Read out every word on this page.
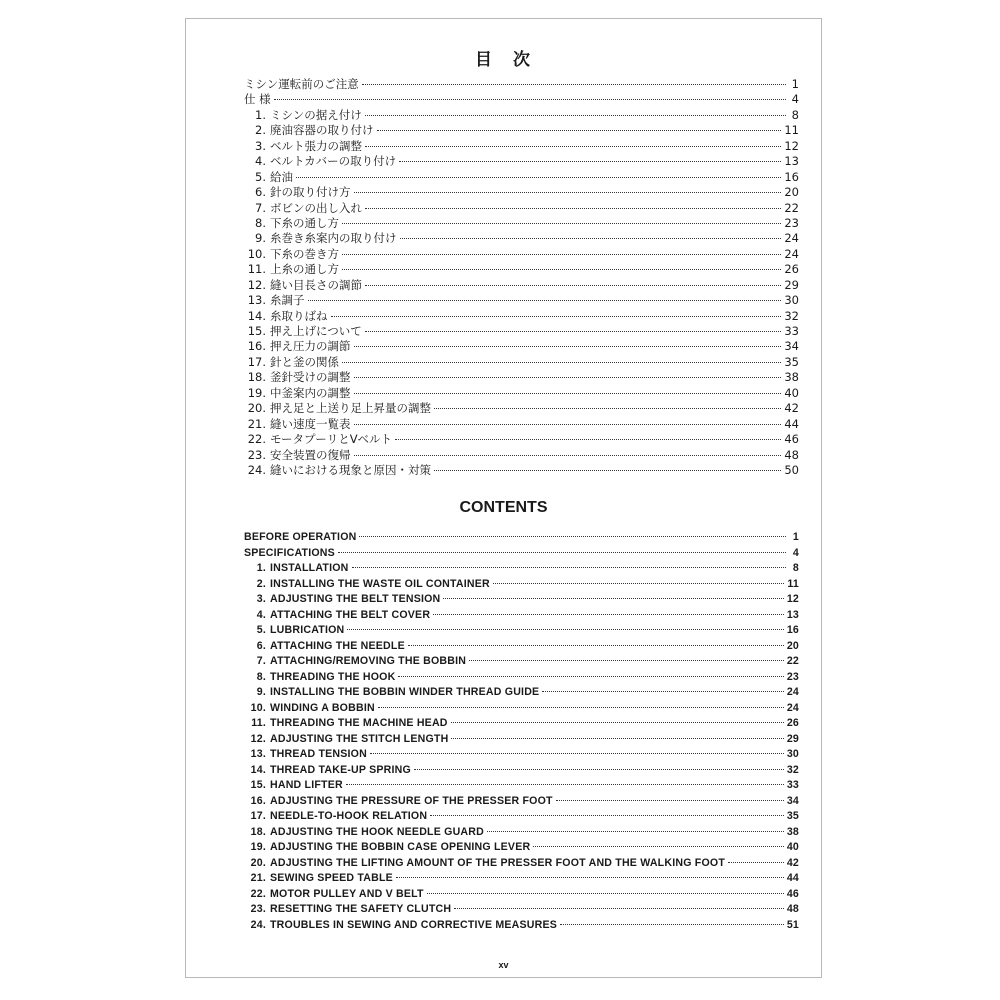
目　次
ミシン運転前のご注意	1
仕 様	4
1. ミシンの据え付け	8
2. 廃油容器の取り付け	11
3. ベルト張力の調整	12
4. ベルトカバーの取り付け	13
5. 給油	16
6. 針の取り付け方	20
7. ボビンの出し入れ	22
8. 下糸の通し方	23
9. 糸巻き糸案内の取り付け	24
10. 下糸の巻き方	24
11. 上糸の通し方	26
12. 縫い目長さの調節	29
13. 糸調子	30
14. 糸取りばね	32
15. 押え上げについて	33
16. 押え圧力の調節	34
17. 針と釜の関係	35
18. 釜針受けの調整	38
19. 中釜案内の調整	40
20. 押え足と上送り足上昇量の調整	42
21. 縫い速度一覧表	44
22. モータプーリとVベルト	46
23. 安全装置の復帰	48
24. 縫いにおける現象と原因・対策	50
CONTENTS
BEFORE OPERATION	1
SPECIFICATIONS	4
1. INSTALLATION	8
2. INSTALLING THE WASTE OIL CONTAINER	11
3. ADJUSTING THE BELT TENSION	12
4. ATTACHING THE BELT COVER	13
5. LUBRICATION	16
6. ATTACHING THE NEEDLE	20
7. ATTACHING/REMOVING THE BOBBIN	22
8. THREADING THE HOOK	23
9. INSTALLING THE BOBBIN WINDER THREAD GUIDE	24
10. WINDING A BOBBIN	24
11. THREADING THE MACHINE HEAD	26
12. ADJUSTING THE STITCH LENGTH	29
13. THREAD TENSION	30
14. THREAD TAKE-UP SPRING	32
15. HAND LIFTER	33
16. ADJUSTING THE PRESSURE OF THE PRESSER FOOT	34
17. NEEDLE-TO-HOOK RELATION	35
18. ADJUSTING THE HOOK NEEDLE GUARD	38
19. ADJUSTING THE BOBBIN CASE OPENING LEVER	40
20. ADJUSTING THE LIFTING AMOUNT OF THE PRESSER FOOT AND THE WALKING FOOT	42
21. SEWING SPEED TABLE	44
22. MOTOR PULLEY AND V BELT	46
23. RESETTING THE SAFETY CLUTCH	48
24. TROUBLES IN SEWING AND CORRECTIVE MEASURES	51
xv
